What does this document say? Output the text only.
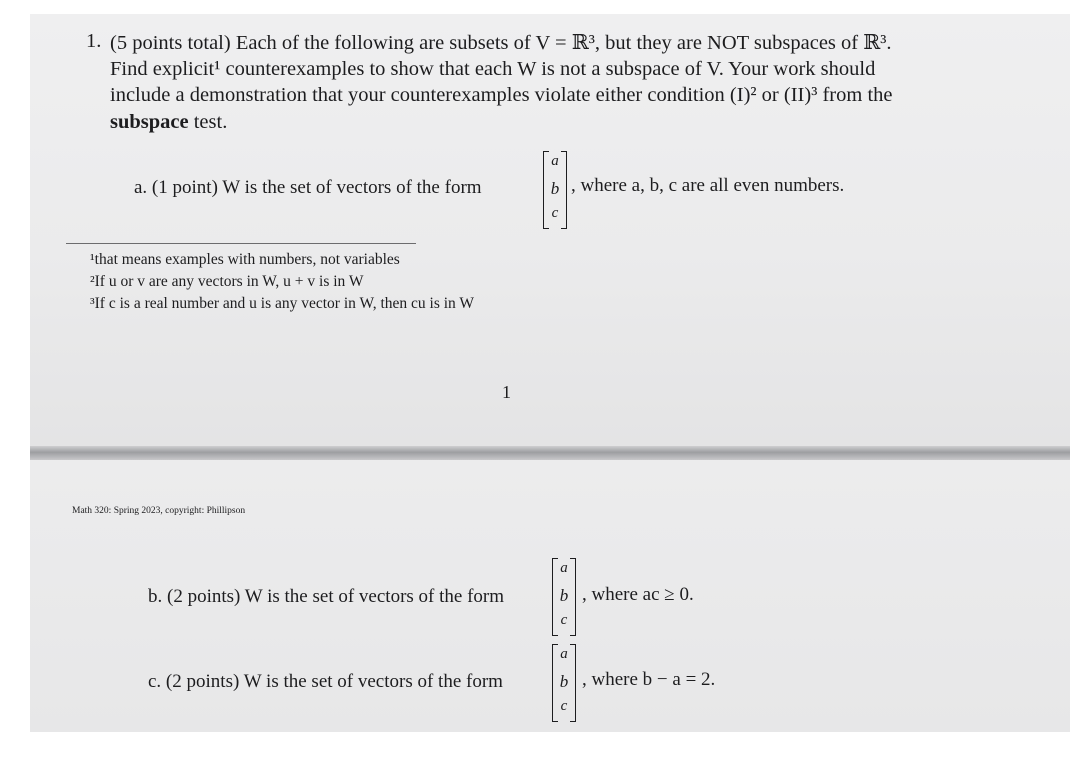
1. (5 points total) Each of the following are subsets of V = ℝ³, but they are NOT subspaces of ℝ³.
Find explicit¹ counterexamples to show that each W is not a subspace of V. Your work should
include a demonstration that your counterexamples violate either condition (I)² or (II)³ from the
subspace test.
a. (1 point) W is the set of vectors of the form
a
b
c
, where a, b, c are all even numbers.
¹that means examples with numbers, not variables
²If u or v are any vectors in W, u + v is in W
³If c is a real number and u is any vector in W, then cu is in W
1
Math 320: Spring 2023, copyright: Phillipson
b. (2 points) W is the set of vectors of the form
a
b
c
, where ac ≥ 0.
c. (2 points) W is the set of vectors of the form
a
b
c
, where b − a = 2.
